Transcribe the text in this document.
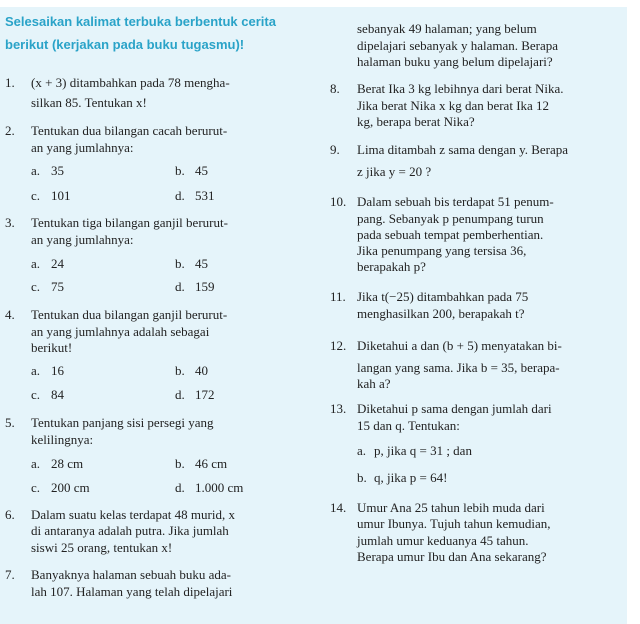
Selesaikan kalimat terbuka berbentuk cerita
berikut (kerjakan pada buku tugasmu)!
1. (x + 3) ditambahkan pada 78 mengha-
silkan 85. Tentukan x!
2. Tentukan dua bilangan cacah berurut-
an yang jumlahnya:
a. 35	b. 45
c. 101	d. 531
3. Tentukan tiga bilangan ganjil berurut-
an yang jumlahnya:
a. 24	b. 45
c. 75	d. 159
4. Tentukan dua bilangan ganjil berurut-
an yang jumlahnya adalah sebagai
berikut!
a. 16	b. 40
c. 84	d. 172
5. Tentukan panjang sisi persegi yang
kelilingnya:
a. 28 cm	b. 46 cm
c. 200 cm	d. 1.000 cm
6. Dalam suatu kelas terdapat 48 murid, x
di antaranya adalah putra. Jika jumlah
siswi 25 orang, tentukan x!
7. Banyaknya halaman sebuah buku ada-
lah 107. Halaman yang telah dipelajari
sebanyak 49 halaman; yang belum
dipelajari sebanyak y halaman. Berapa
halaman buku yang belum dipelajari?
8. Berat Ika 3 kg lebihnya dari berat Nika.
Jika berat Nika x kg dan berat Ika 12
kg, berapa berat Nika?
9. Lima ditambah z sama dengan y. Berapa
z jika y = 20 ?
10. Dalam sebuah bis terdapat 51 penum-
pang. Sebanyak p penumpang turun
pada sebuah tempat pemberhentian.
Jika penumpang yang tersisa 36,
berapakah p?
11. Jika t(−25) ditambahkan pada 75
menghasilkan 200, berapakah t?
12. Diketahui a dan (b + 5) menyatakan bi-
langan yang sama. Jika b = 35, berapa-
kah a?
13. Diketahui p sama dengan jumlah dari
15 dan q. Tentukan:
a. p, jika q = 31 ; dan
b. q, jika p = 64!
14. Umur Ana 25 tahun lebih muda dari
umur Ibunya. Tujuh tahun kemudian,
jumlah umur keduanya 45 tahun.
Berapa umur Ibu dan Ana sekarang?
